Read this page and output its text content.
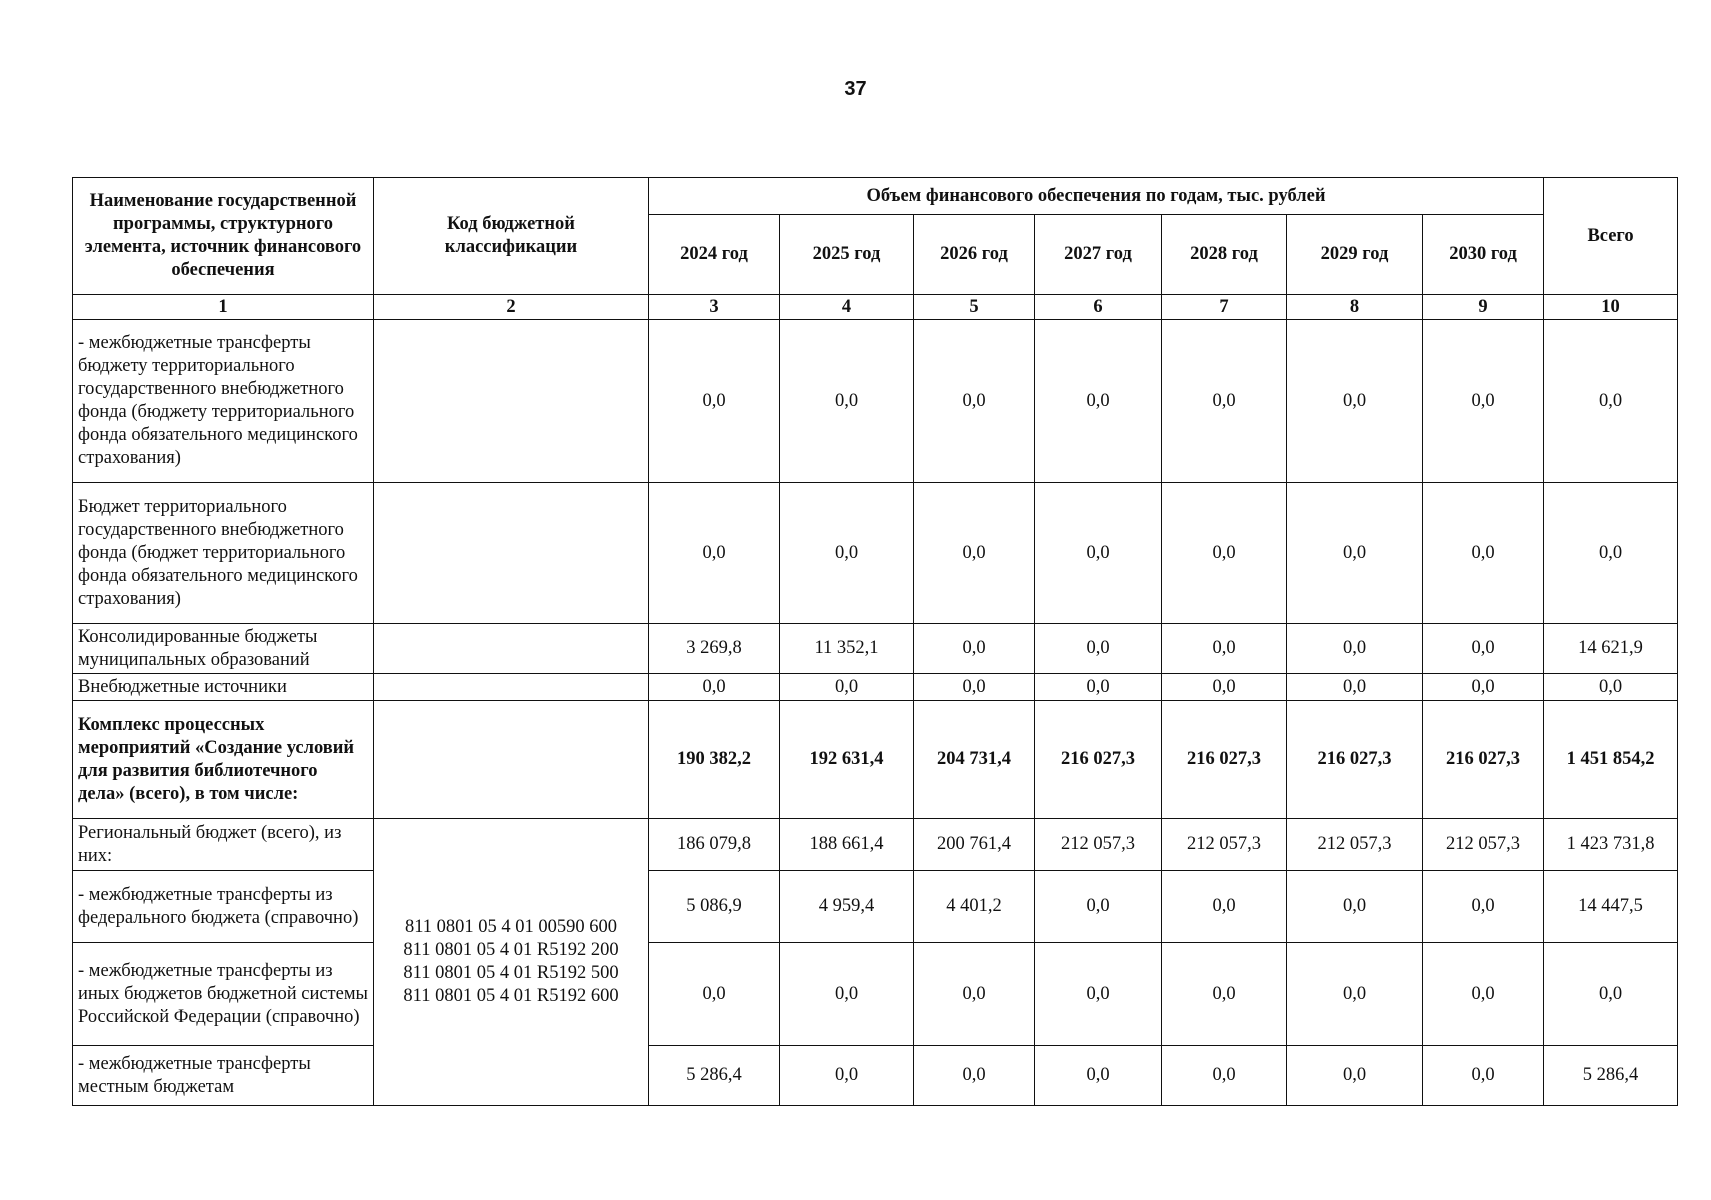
37
Наименование государственной программы, структурного элемента, источник финансового обеспечения	Код бюджетной классификации	Объем финансового обеспечения по годам, тыс. рублей							Всего
		2024 год	2025 год	2026 год	2027 год	2028 год	2029 год	2030 год	
1	2	3	4	5	6	7	8	9	10
- межбюджетные трансферты бюджету территориального государственного внебюджетного фонда (бюджету территориального фонда обязательного медицинского страхования)		0,0	0,0	0,0	0,0	0,0	0,0	0,0	0,0
Бюджет территориального государственного внебюджетного фонда (бюджет территориального фонда обязательного медицинского страхования)		0,0	0,0	0,0	0,0	0,0	0,0	0,0	0,0
Консолидированные бюджеты муниципальных образований		3 269,8	11 352,1	0,0	0,0	0,0	0,0	0,0	14 621,9
Внебюджетные источники		0,0	0,0	0,0	0,0	0,0	0,0	0,0	0,0
Комплекс процессных мероприятий «Создание условий для развития библиотечного дела» (всего), в том числе:		190 382,2	192 631,4	204 731,4	216 027,3	216 027,3	216 027,3	216 027,3	1 451 854,2
Региональный бюджет (всего), из них:	811 0801 05 4 01 00590 600
811 0801 05 4 01 R5192 200
811 0801 05 4 01 R5192 500
811 0801 05 4 01 R5192 600	186 079,8	188 661,4	200 761,4	212 057,3	212 057,3	212 057,3	212 057,3	1 423 731,8
- межбюджетные трансферты из федерального бюджета (справочно)		5 086,9	4 959,4	4 401,2	0,0	0,0	0,0	0,0	14 447,5
- межбюджетные трансферты из иных бюджетов бюджетной системы Российской Федерации (справочно)		0,0	0,0	0,0	0,0	0,0	0,0	0,0	0,0
- межбюджетные трансферты местным бюджетам		5 286,4	0,0	0,0	0,0	0,0	0,0	0,0	5 286,4
